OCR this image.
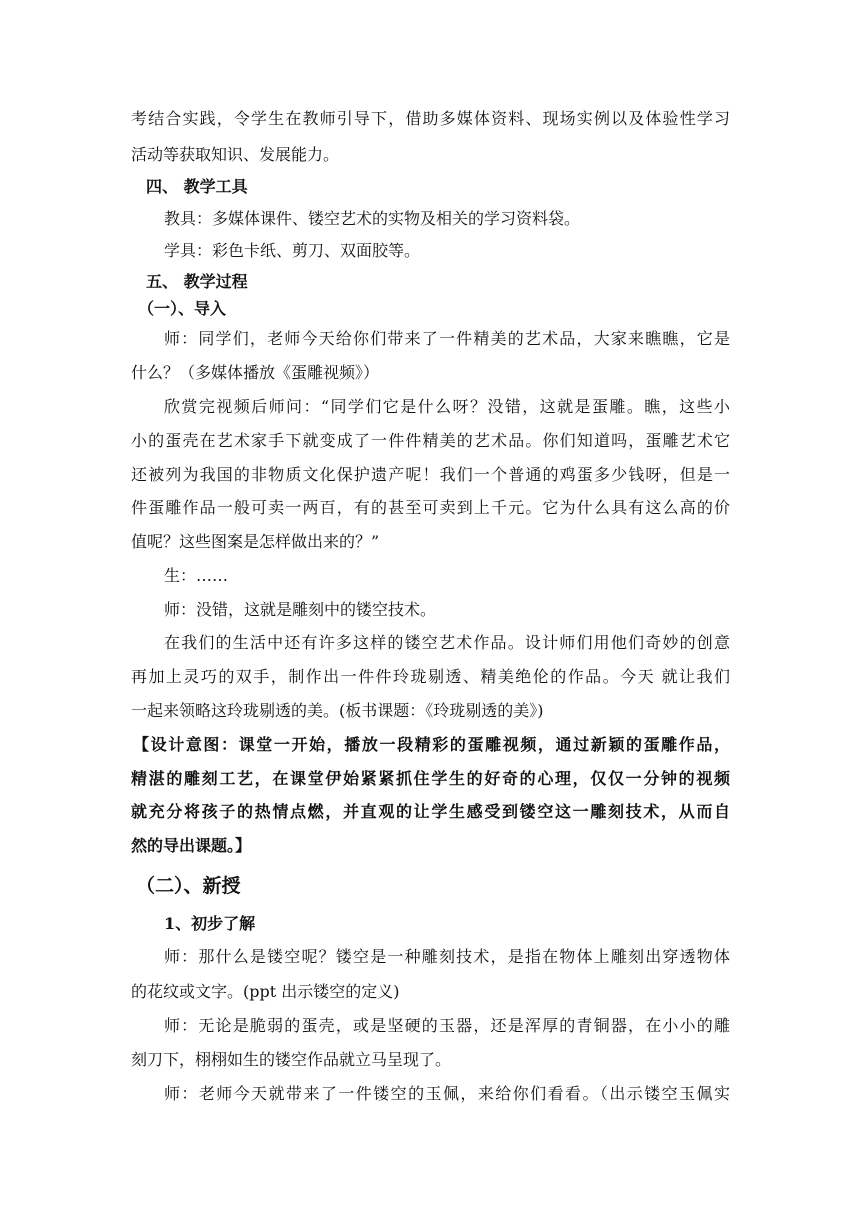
考结合实践，令学生在教师引导下，借助多媒体资料、现场实例以及体验性学习
活动等获取知识、发展能力。
四、 教学工具
教具：多媒体课件、镂空艺术的实物及相关的学习资料袋。
学具：彩色卡纸、剪刀、双面胶等。
五、 教学过程
（一）、导入
师：同学们，老师今天给你们带来了一件精美的艺术品，大家来瞧瞧，它是
什么？（多媒体播放《蛋雕视频》）
欣赏完视频后师问：“同学们它是什么呀？没错，这就是蛋雕。瞧，这些小
小的蛋壳在艺术家手下就变成了一件件精美的艺术品。你们知道吗，蛋雕艺术它
还被列为我国的非物质文化保护遗产呢！我们一个普通的鸡蛋多少钱呀，但是一
件蛋雕作品一般可卖一两百，有的甚至可卖到上千元。它为什么具有这么高的价
值呢？这些图案是怎样做出来的？”
生：……
师：没错，这就是雕刻中的镂空技术。
在我们的生活中还有许多这样的镂空艺术作品。设计师们用他们奇妙的创意
再加上灵巧的双手，制作出一件件玲珑剔透、精美绝伦的作品。今天 就让我们
一起来领略这玲珑剔透的美。(板书课题：《玲珑剔透的美》)
【设计意图：课堂一开始，播放一段精彩的蛋雕视频，通过新颖的蛋雕作品，
精湛的雕刻工艺，在课堂伊始紧紧抓住学生的好奇的心理，仅仅一分钟的视频
就充分将孩子的热情点燃，并直观的让学生感受到镂空这一雕刻技术，从而自
然的导出课题。】
（二）、新授
1、初步了解
师：那什么是镂空呢？镂空是一种雕刻技术，是指在物体上雕刻出穿透物体
的花纹或文字。(ppt 出示镂空的定义)
师：无论是脆弱的蛋壳，或是坚硬的玉器，还是浑厚的青铜器，在小小的雕
刻刀下，栩栩如生的镂空作品就立马呈现了。
师：老师今天就带来了一件镂空的玉佩，来给你们看看。（出示镂空玉佩实
